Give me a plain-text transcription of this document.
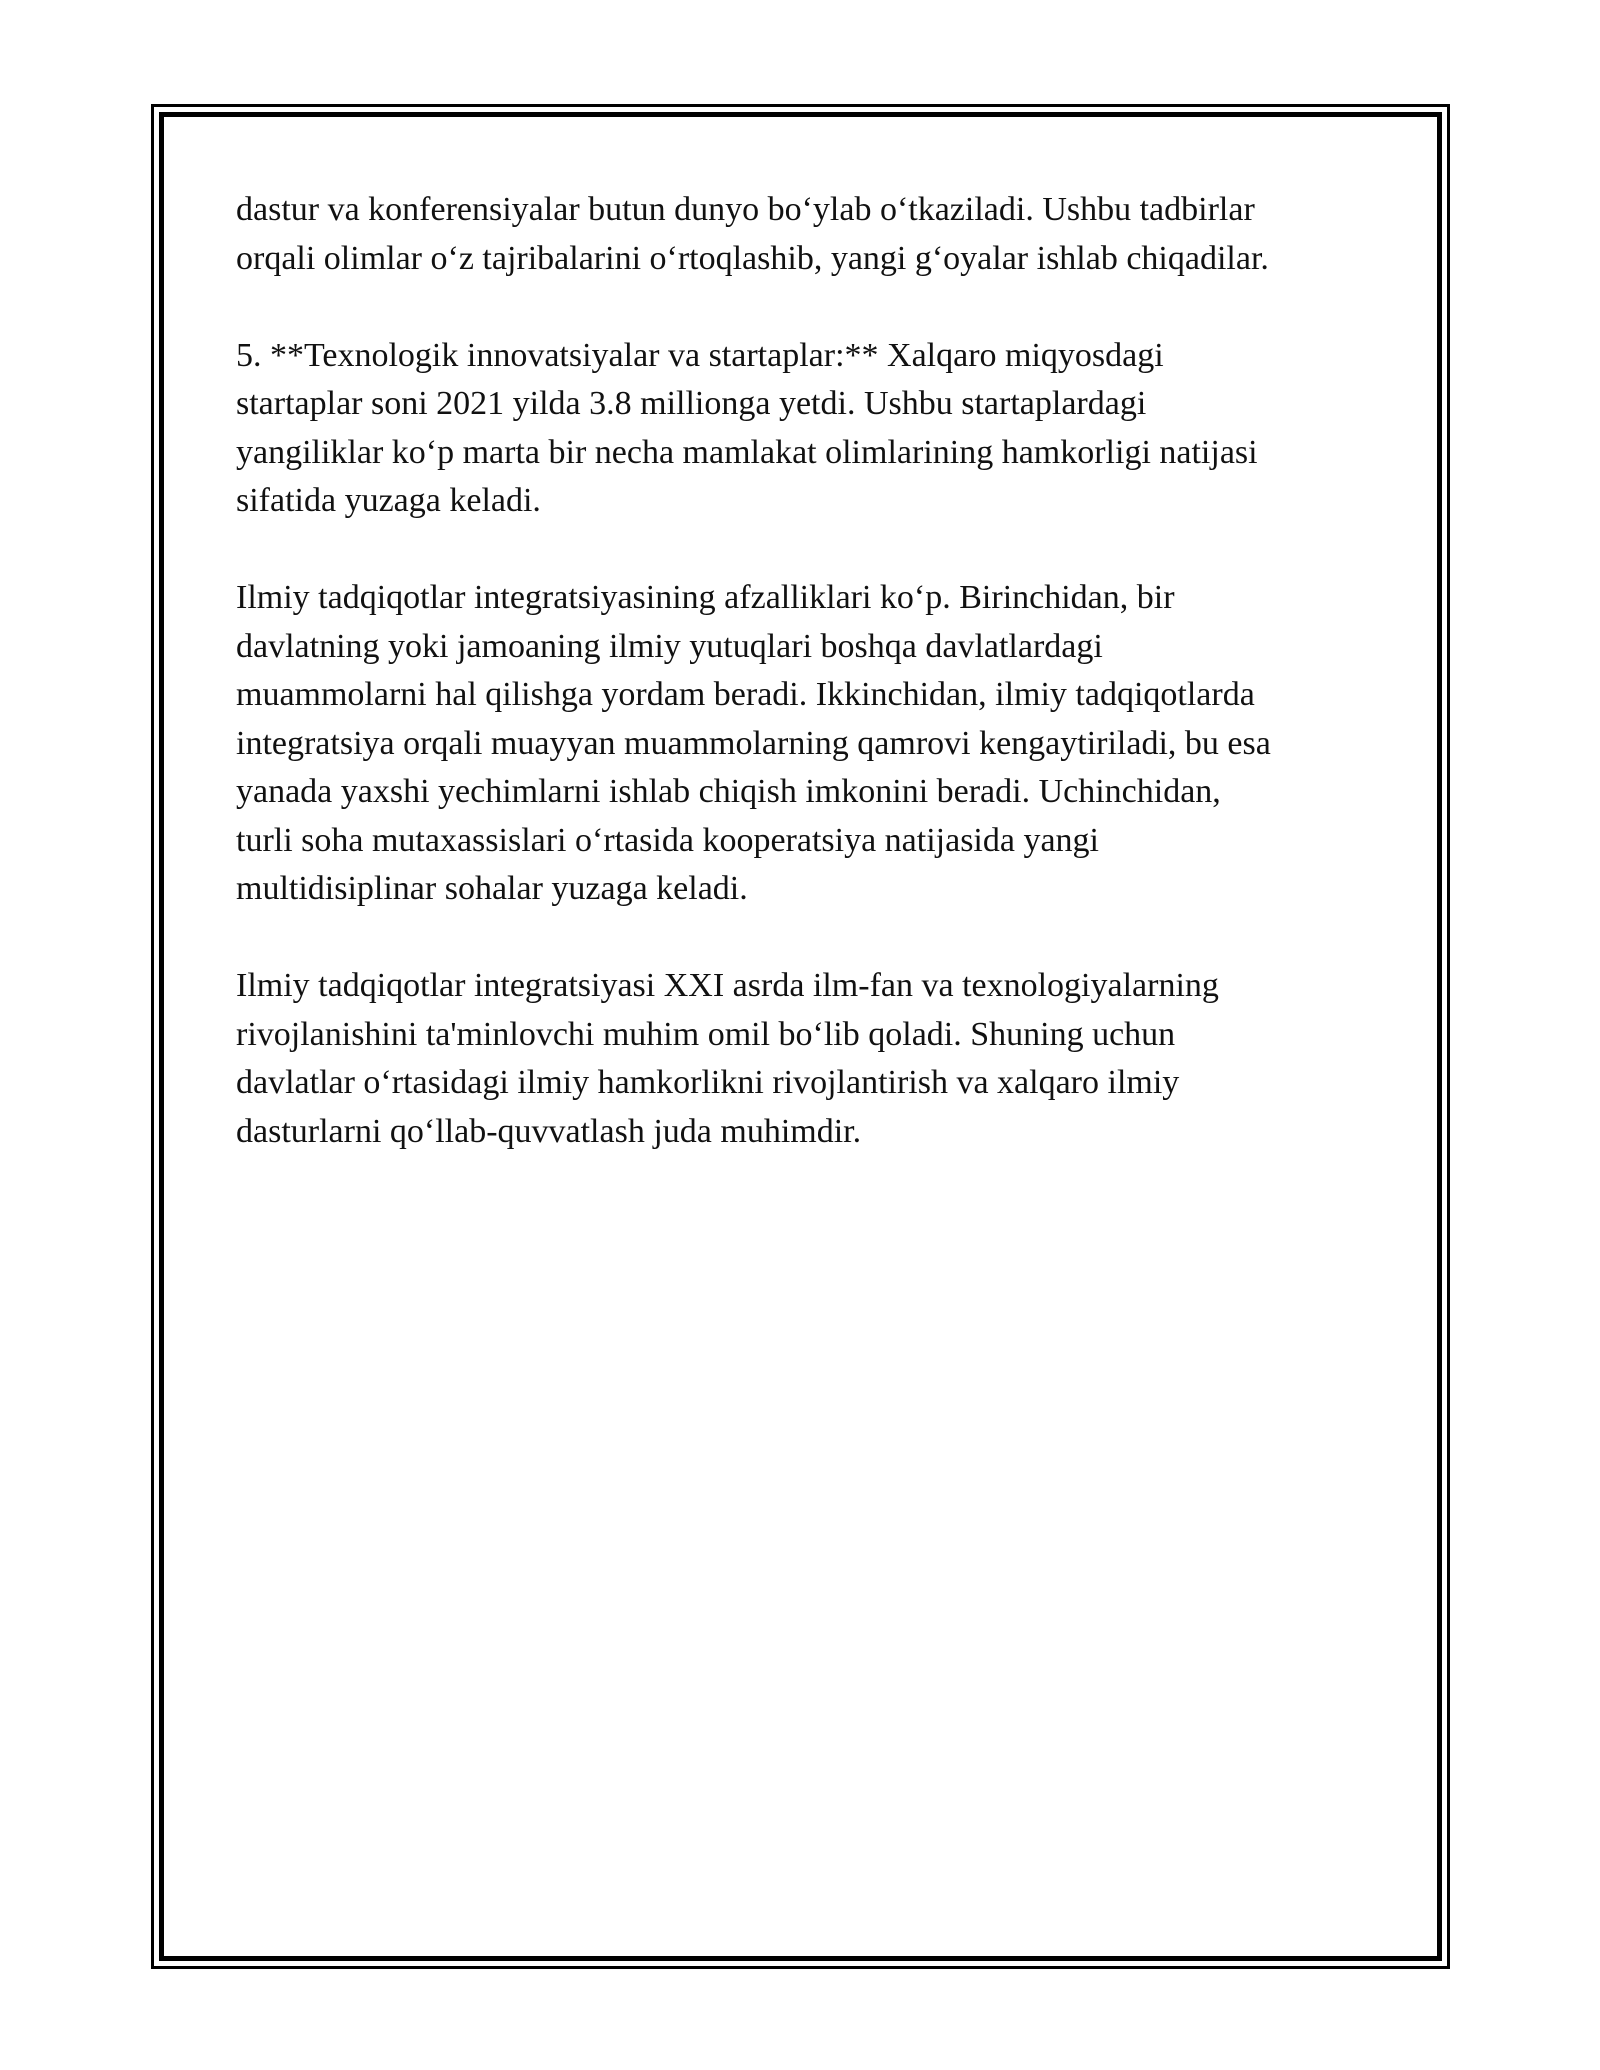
dastur va konferensiyalar butun dunyo bo‘ylab o‘tkaziladi. Ushbu tadbirlar
orqali olimlar o‘z tajribalarini o‘rtoqlashib, yangi g‘oyalar ishlab chiqadilar.

5. **Texnologik innovatsiyalar va startaplar:** Xalqaro miqyosdagi
startaplar soni 2021 yilda 3.8 millionga yetdi. Ushbu startaplardagi
yangiliklar ko‘p marta bir necha mamlakat olimlarining hamkorligi natijasi
sifatida yuzaga keladi.

Ilmiy tadqiqotlar integratsiyasining afzalliklari ko‘p. Birinchidan, bir
davlatning yoki jamoaning ilmiy yutuqlari boshqa davlatlardagi
muammolarni hal qilishga yordam beradi. Ikkinchidan, ilmiy tadqiqotlarda
integratsiya orqali muayyan muammolarning qamrovi kengaytiriladi, bu esa
yanada yaxshi yechimlarni ishlab chiqish imkonini beradi. Uchinchidan,
turli soha mutaxassislari o‘rtasida kooperatsiya natijasida yangi
multidisiplinar sohalar yuzaga keladi.

Ilmiy tadqiqotlar integratsiyasi XXI asrda ilm-fan va texnologiyalarning
rivojlanishini ta'minlovchi muhim omil bo‘lib qoladi. Shuning uchun
davlatlar o‘rtasidagi ilmiy hamkorlikni rivojlantirish va xalqaro ilmiy
dasturlarni qo‘llab-quvvatlash juda muhimdir.
